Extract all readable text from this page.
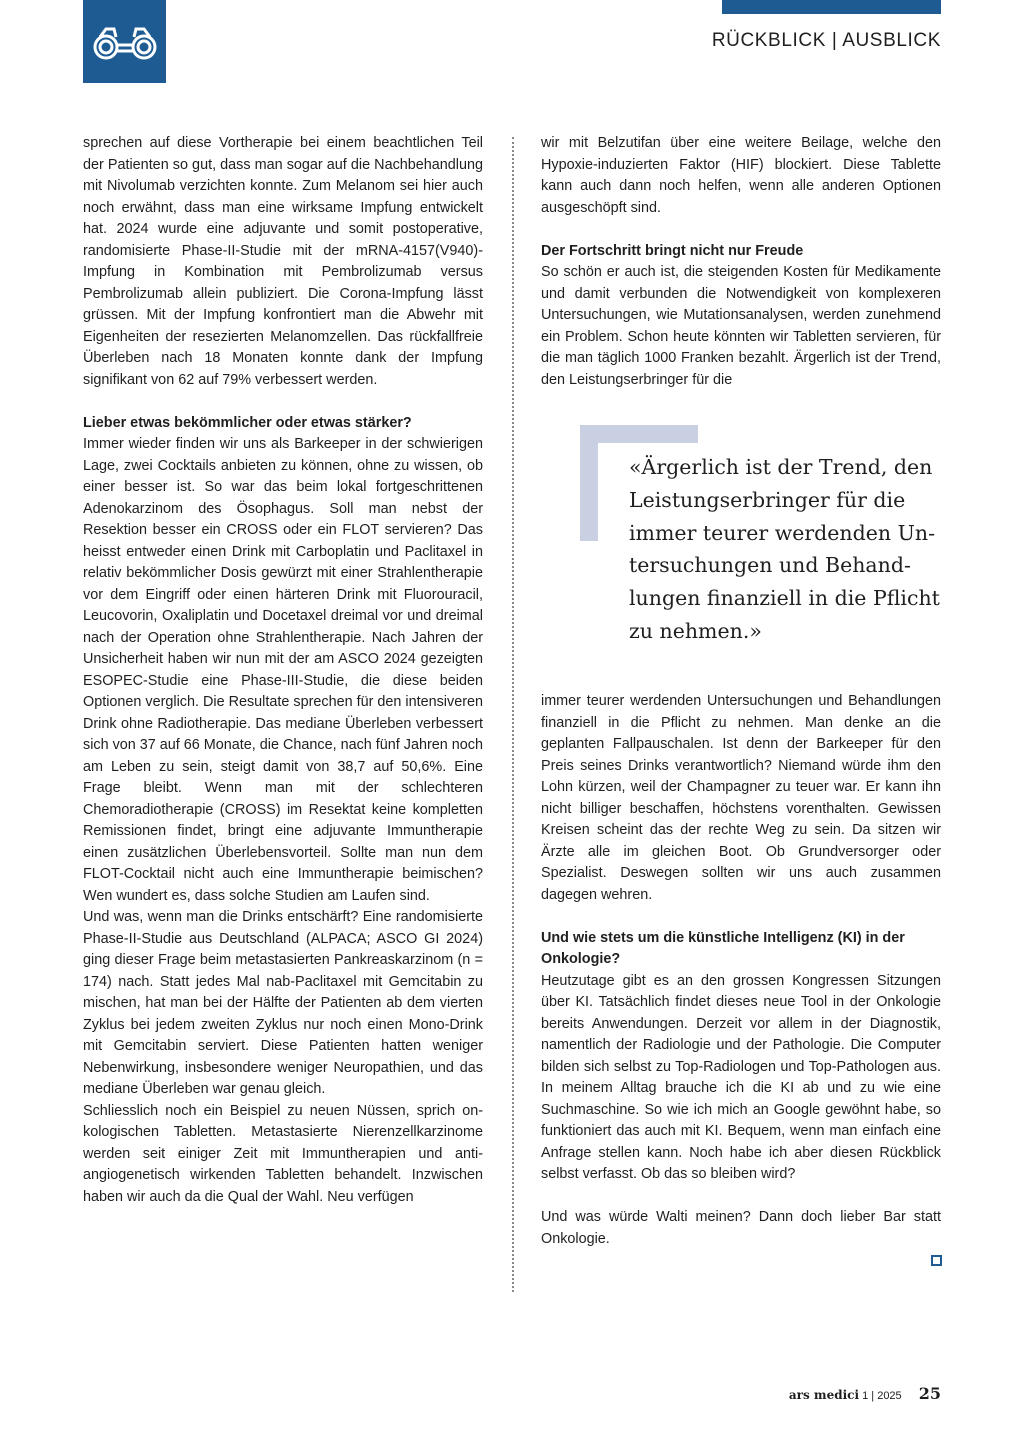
RÜCKBLICK | AUSBLICK

sprechen auf diese Vortherapie bei einem beachtlichen Teil der Patienten so gut, dass man sogar auf die Nachbehandlung mit Nivolumab verzichten konnte. Zum Melanom sei hier auch noch erwähnt, dass man eine wirksame Impfung entwickelt hat. 2024 wurde eine adjuvante und somit postoperative, randomisierte Phase-II-Studie mit der mRNA-4157(V940)-Impfung in Kombination mit Pembrolizumab versus Pembrolizumab allein publiziert. Die Corona-Impfung lässt grüssen. Mit der Impfung konfrontiert man die Abwehr mit Eigenheiten der resezierten Melanomzellen. Das rückfallfreie Überleben nach 18 Monaten konnte dank der Impfung signifikant von 62 auf 79% verbessert werden.

Lieber etwas bekömmlicher oder etwas stärker?

Immer wieder finden wir uns als Barkeeper in der schwierigen Lage, zwei Cocktails anbieten zu können, ohne zu wissen, ob einer besser ist. So war das beim lokal fortgeschrittenen Adenokarzinom des Ösophagus. Soll man nebst der Resektion besser ein CROSS oder ein FLOT servieren? Das heisst entweder einen Drink mit Carboplatin und Paclitaxel in relativ bekömmlicher Dosis gewürzt mit einer Strahlentherapie vor dem Eingriff oder einen härteren Drink mit Fluorouracil, Leucovorin, Oxaliplatin und Docetaxel dreimal vor und dreimal nach der Operation ohne Strahlentherapie. Nach Jahren der Unsicherheit haben wir nun mit der am ASCO 2024 gezeigten ESOPEC-Studie eine Phase-III-Studie, die diese beiden Optionen verglich. Die Resultate sprechen für den intensiveren Drink ohne Radiotherapie. Das mediane Überleben verbessert sich von 37 auf 66 Monate, die Chance, nach fünf Jahren noch am Leben zu sein, steigt damit von 38,7 auf 50,6%. Eine Frage bleibt. Wenn man mit der schlechteren Chemoradiotherapie (CROSS) im Resektat keine kompletten Remissionen findet, bringt eine adjuvante Immuntherapie einen zusätzlichen Überlebensvorteil. Sollte man nun dem FLOT-Cocktail nicht auch eine Immuntherapie beimischen? Wen wundert es, dass solche Studien am Laufen sind.

Und was, wenn man die Drinks entschärft? Eine randomisierte Phase-II-Studie aus Deutschland (ALPACA; ASCO GI 2024) ging dieser Frage beim metastasierten Pankreaskarzinom (n = 174) nach. Statt jedes Mal nab-Paclitaxel mit Gemcitabin zu mischen, hat man bei der Hälfte der Patienten ab dem vierten Zyklus bei jedem zweiten Zyklus nur noch einen Mono-Drink mit Gemcitabin serviert. Diese Patienten hatten weniger Nebenwirkung, insbesondere weniger Neuropathien, und das mediane Überleben war genau gleich.

Schliesslich noch ein Beispiel zu neuen Nüssen, sprich onkologischen Tabletten. Metastasierte Nierenzellkarzinome werden seit einiger Zeit mit Immuntherapien und antiangiogenetisch wirkenden Tabletten behandelt. Inzwischen haben wir auch da die Qual der Wahl. Neu verfügen

wir mit Belzutifan über eine weitere Beilage, welche den Hypoxie-induzierten Faktor (HIF) blockiert. Diese Tablette kann auch dann noch helfen, wenn alle anderen Optionen ausgeschöpft sind.

Der Fortschritt bringt nicht nur Freude

So schön er auch ist, die steigenden Kosten für Medikamente und damit verbunden die Notwendigkeit von komplexeren Untersuchungen, wie Mutationsanalysen, werden zunehmend ein Problem. Schon heute könnten wir Tabletten servieren, für die man täglich 1000 Franken bezahlt. Ärgerlich ist der Trend, den Leistungserbringer für die

«Ärgerlich ist der Trend, den Leistungserbringer für die immer teurer werdenden Untersuchungen und Behandlungen finanziell in die Pflicht zu nehmen.»

immer teurer werdenden Untersuchungen und Behandlungen finanziell in die Pflicht zu nehmen. Man denke an die geplanten Fallpauschalen. Ist denn der Barkeeper für den Preis seines Drinks verantwortlich? Niemand würde ihm den Lohn kürzen, weil der Champagner zu teuer war. Er kann ihn nicht billiger beschaffen, höchstens vorenthalten. Gewissen Kreisen scheint das der rechte Weg zu sein. Da sitzen wir Ärzte alle im gleichen Boot. Ob Grundversorger oder Spezialist. Deswegen sollten wir uns auch zusammen dagegen wehren.

Und wie stets um die künstliche Intelligenz (KI) in der Onkologie?

Heutzutage gibt es an den grossen Kongressen Sitzungen über KI. Tatsächlich findet dieses neue Tool in der Onkologie bereits Anwendungen. Derzeit vor allem in der Diagnostik, namentlich der Radiologie und der Pathologie. Die Computer bilden sich selbst zu Top-Radiologen und Top-Pathologen aus. In meinem Alltag brauche ich die KI ab und zu wie eine Suchmaschine. So wie ich mich an Google gewöhnt habe, so funktioniert das auch mit KI. Bequem, wenn man einfach eine Anfrage stellen kann. Noch habe ich aber diesen Rückblick selbst verfasst. Ob das so bleiben wird?

Und was würde Walti meinen? Dann doch lieber Bar statt Onkologie.

ars medici 1 | 2025 25
